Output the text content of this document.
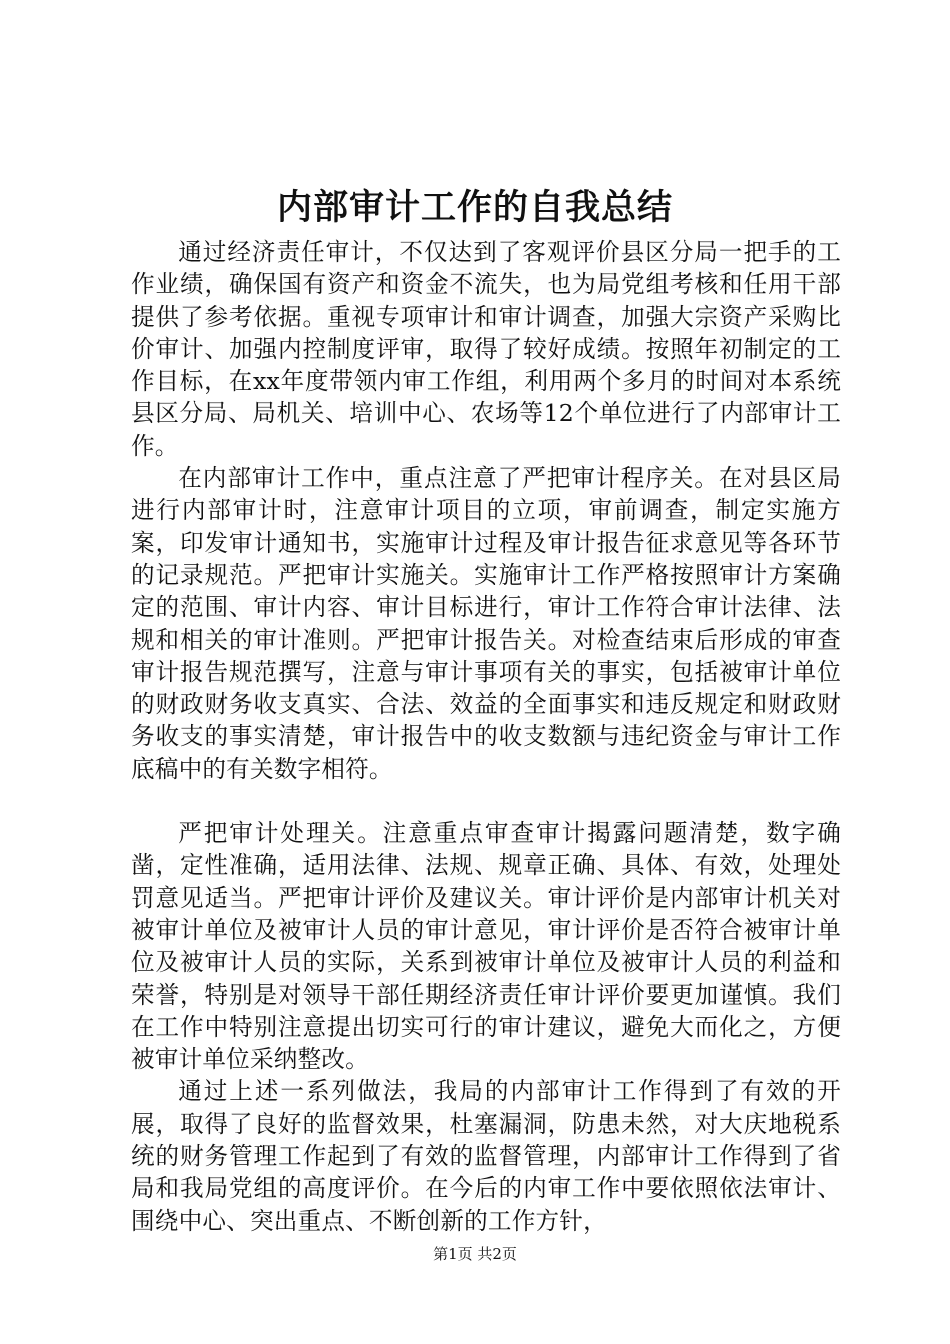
内部审计工作的自我总结

通过经济责任审计，不仅达到了客观评价县区分局一把手的工作业绩，确保国有资产和资金不流失，也为局党组考核和任用干部提供了参考依据。重视专项审计和审计调查，加强大宗资产采购比价审计、加强内控制度评审，取得了较好成绩。按照年初制定的工作目标，在xx年度带领内审工作组，利用两个多月的时间对本系统县区分局、局机关、培训中心、农场等12个单位进行了内部审计工作。

在内部审计工作中，重点注意了严把审计程序关。在对县区局进行内部审计时，注意审计项目的立项，审前调查，制定实施方案，印发审计通知书，实施审计过程及审计报告征求意见等各环节的记录规范。严把审计实施关。实施审计工作严格按照审计方案确定的范围、审计内容、审计目标进行，审计工作符合审计法律、法规和相关的审计准则。严把审计报告关。对检查结束后形成的审查审计报告规范撰写，注意与审计事项有关的事实，包括被审计单位的财政财务收支真实、合法、效益的全面事实和违反规定和财政财务收支的事实清楚，审计报告中的收支数额与违纪资金与审计工作底稿中的有关数字相符。

严把审计处理关。注意重点审查审计揭露问题清楚，数字确凿，定性准确，适用法律、法规、规章正确、具体、有效，处理处罚意见适当。严把审计评价及建议关。审计评价是内部审计机关对被审计单位及被审计人员的审计意见，审计评价是否符合被审计单位及被审计人员的实际，关系到被审计单位及被审计人员的利益和荣誉，特别是对领导干部任期经济责任审计评价要更加谨慎。我们在工作中特别注意提出切实可行的审计建议，避免大而化之，方便被审计单位采纳整改。

通过上述一系列做法，我局的内部审计工作得到了有效的开展，取得了良好的监督效果，杜塞漏洞，防患未然，对大庆地税系统的财务管理工作起到了有效的监督管理，内部审计工作得到了省局和我局党组的高度评价。在今后的内审工作中要依照依法审计、围绕中心、突出重点、不断创新的工作方针，

第1页 共2页
